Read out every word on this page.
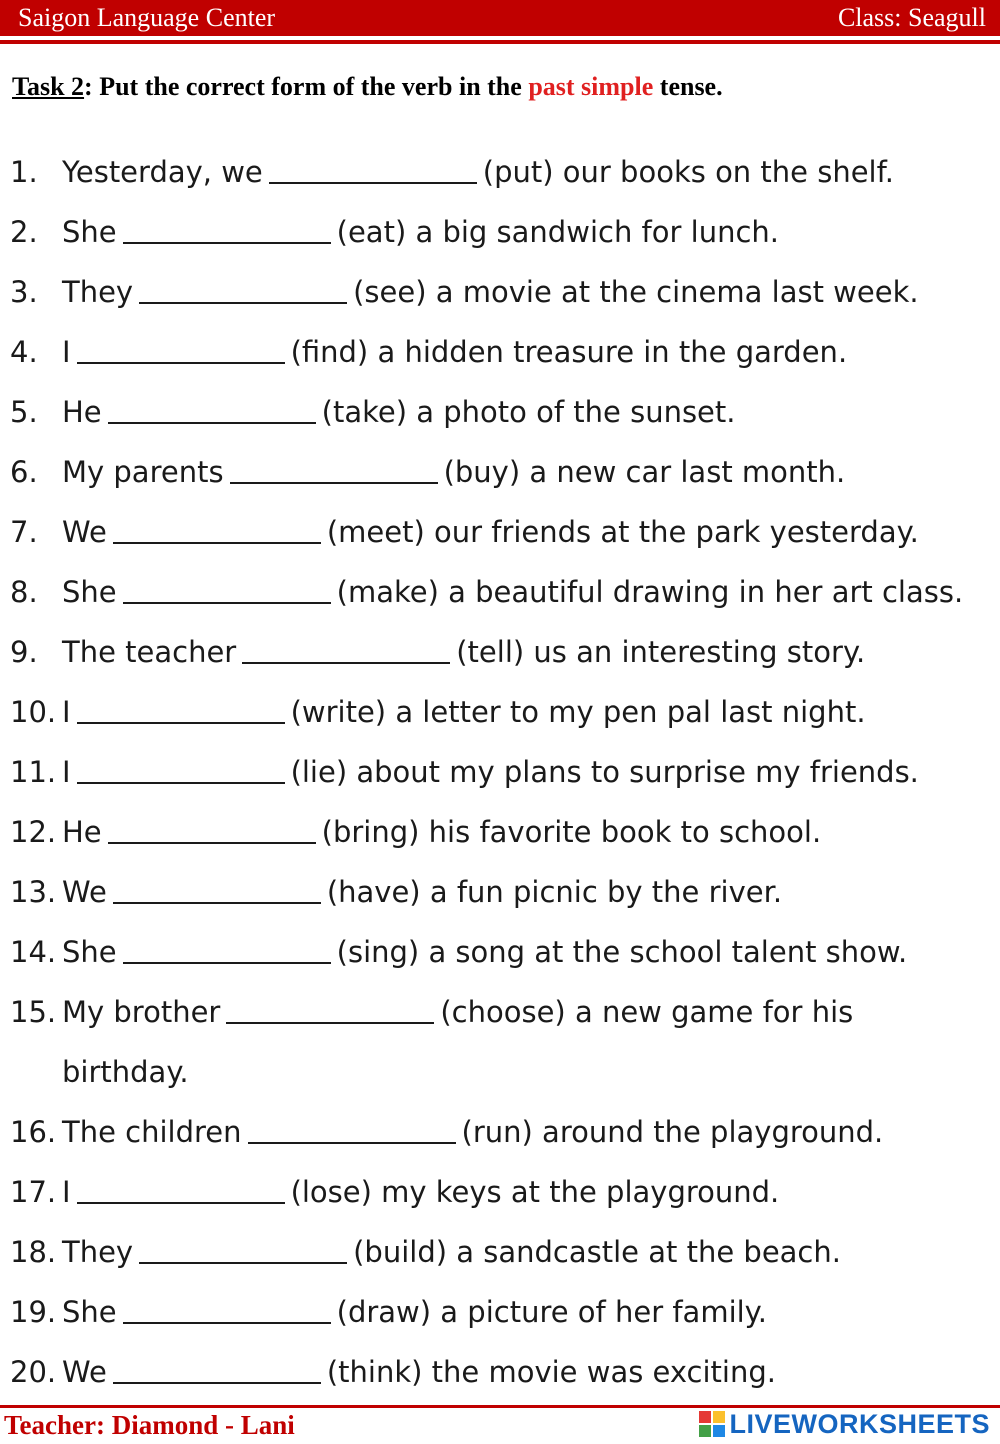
Saigon Language Center	Class: Seagull
Task 2: Put the correct form of the verb in the past simple tense.
1. Yesterday, we	(put) our books on the shelf.
2. She	(eat) a big sandwich for lunch.
3. They	(see) a movie at the cinema last week.
4. I	(find) a hidden treasure in the garden.
5. He	(take) a photo of the sunset.
6. My parents	(buy) a new car last month.
7. We	(meet) our friends at the park yesterday.
8. She	(make) a beautiful drawing in her art class.
9. The teacher	(tell) us an interesting story.
10. I	(write) a letter to my pen pal last night.
11. I	(lie) about my plans to surprise my friends.
12. He	(bring) his favorite book to school.
13. We	(have) a fun picnic by the river.
14. She	(sing) a song at the school talent show.
15. My brother	(choose) a new game for his birthday.
16. The children	(run) around the playground.
17. I	(lose) my keys at the playground.
18. They	(build) a sandcastle at the beach.
19. She	(draw) a picture of her family.
20. We	(think) the movie was exciting.
Teacher: Diamond - Lani	LIVEWORKSHEETS
